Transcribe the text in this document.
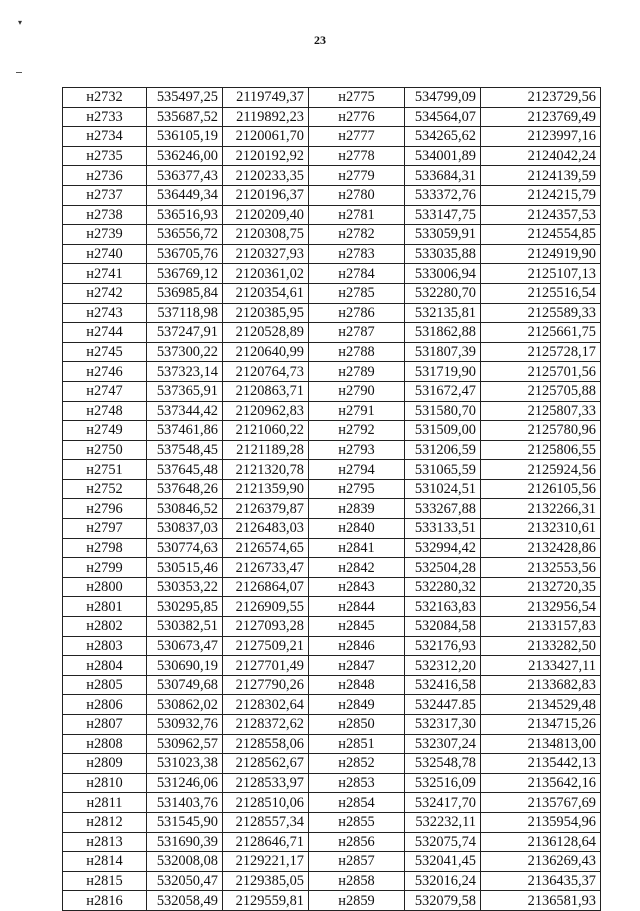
▾
23
н2732	535497,25	2119749,37	н2775	534799,09	2123729,56
н2733	535687,52	2119892,23	н2776	534564,07	2123769,49
н2734	536105,19	2120061,70	н2777	534265,62	2123997,16
н2735	536246,00	2120192,92	н2778	534001,89	2124042,24
н2736	536377,43	2120233,35	н2779	533684,31	2124139,59
н2737	536449,34	2120196,37	н2780	533372,76	2124215,79
н2738	536516,93	2120209,40	н2781	533147,75	2124357,53
н2739	536556,72	2120308,75	н2782	533059,91	2124554,85
н2740	536705,76	2120327,93	н2783	533035,88	2124919,90
н2741	536769,12	2120361,02	н2784	533006,94	2125107,13
н2742	536985,84	2120354,61	н2785	532280,70	2125516,54
н2743	537118,98	2120385,95	н2786	532135,81	2125589,33
н2744	537247,91	2120528,89	н2787	531862,88	2125661,75
н2745	537300,22	2120640,99	н2788	531807,39	2125728,17
н2746	537323,14	2120764,73	н2789	531719,90	2125701,56
н2747	537365,91	2120863,71	н2790	531672,47	2125705,88
н2748	537344,42	2120962,83	н2791	531580,70	2125807,33
н2749	537461,86	2121060,22	н2792	531509,00	2125780,96
н2750	537548,45	2121189,28	н2793	531206,59	2125806,55
н2751	537645,48	2121320,78	н2794	531065,59	2125924,56
н2752	537648,26	2121359,90	н2795	531024,51	2126105,56
н2796	530846,52	2126379,87	н2839	533267,88	2132266,31
н2797	530837,03	2126483,03	н2840	533133,51	2132310,61
н2798	530774,63	2126574,65	н2841	532994,42	2132428,86
н2799	530515,46	2126733,47	н2842	532504,28	2132553,56
н2800	530353,22	2126864,07	н2843	532280,32	2132720,35
н2801	530295,85	2126909,55	н2844	532163,83	2132956,54
н2802	530382,51	2127093,28	н2845	532084,58	2133157,83
н2803	530673,47	2127509,21	н2846	532176,93	2133282,50
н2804	530690,19	2127701,49	н2847	532312,20	2133427,11
н2805	530749,68	2127790,26	н2848	532416,58	2133682,83
н2806	530862,02	2128302,64	н2849	532447.85	2134529,48
н2807	530932,76	2128372,62	н2850	532317,30	2134715,26
н2808	530962,57	2128558,06	н2851	532307,24	2134813,00
н2809	531023,38	2128562,67	н2852	532548,78	2135442,13
н2810	531246,06	2128533,97	н2853	532516,09	2135642,16
н2811	531403,76	2128510,06	н2854	532417,70	2135767,69
н2812	531545,90	2128557,34	н2855	532232,11	2135954,96
н2813	531690,39	2128646,71	н2856	532075,74	2136128,64
н2814	532008,08	2129221,17	н2857	532041,45	2136269,43
н2815	532050,47	2129385,05	н2858	532016,24	2136435,37
н2816	532058,49	2129559,81	н2859	532079,58	2136581,93
